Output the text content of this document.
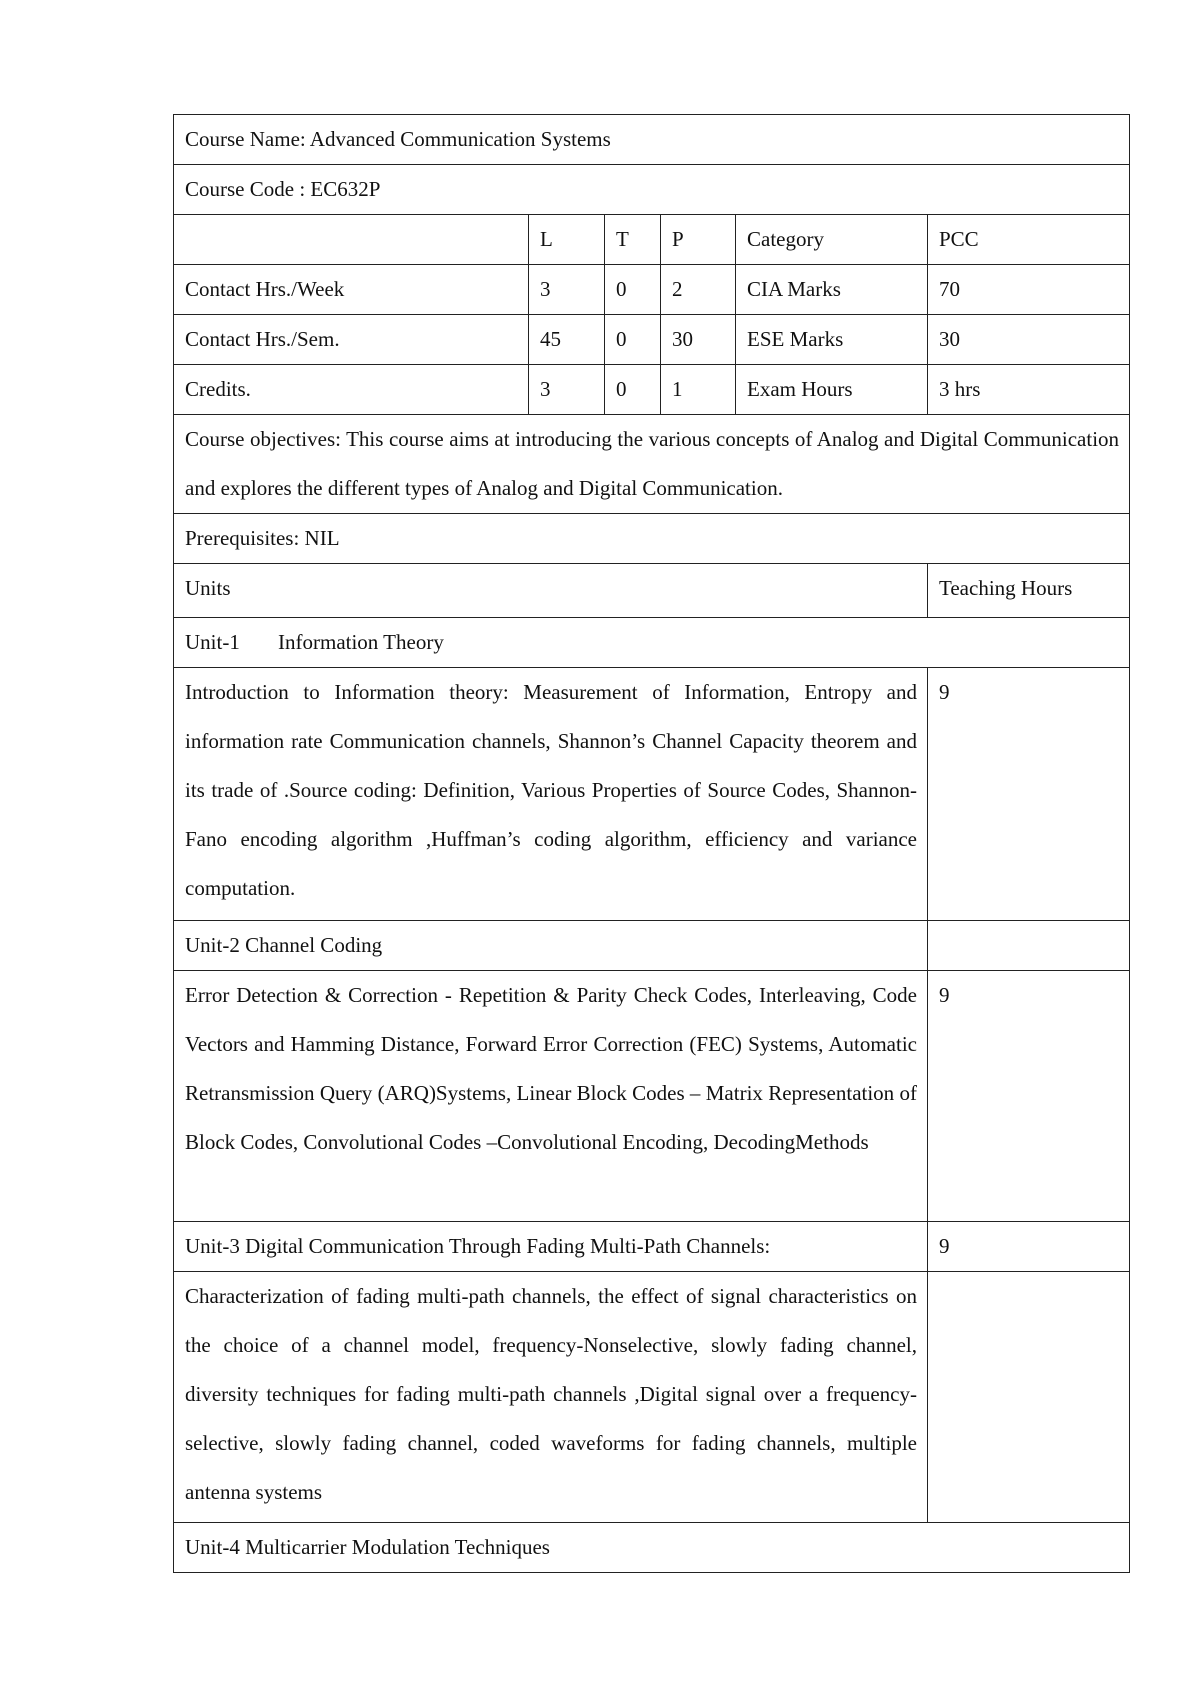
Course Name: Advanced Communication Systems					
Course Code : EC632P					
	L	T	P	Category	PCC
Contact Hrs./Week	3	0	2	CIA Marks	70
Contact Hrs./Sem.	45	0	30	ESE Marks	30
Credits.	3	0	1	Exam Hours	3 hrs
Course objectives: This course aims at introducing the various concepts of Analog and Digital Communication and explores the different types of Analog and Digital Communication.					
Prerequisites: NIL					
Units					Teaching Hours
Unit-1 Information Theory					
Introduction to Information theory: Measurement of Information, Entropy and information rate Communication channels, Shannon’s Channel Capacity theorem and its trade of .Source coding: Definition, Various Properties of Source Codes, Shannon-Fano encoding algorithm ,Huffman’s coding algorithm, efficiency and variance computation.					9
Unit-2 Channel Coding					
Error Detection & Correction - Repetition & Parity Check Codes, Interleaving, Code Vectors and Hamming Distance, Forward Error Correction (FEC) Systems, Automatic Retransmission Query (ARQ)Systems, Linear Block Codes – Matrix Representation of Block Codes, Convolutional Codes –Convolutional Encoding, DecodingMethods					9
Unit-3 Digital Communication Through Fading Multi-Path Channels:					9
Characterization of fading multi-path channels, the effect of signal characteristics on the choice of a channel model, frequency-Nonselective, slowly fading channel, diversity techniques for fading multi-path channels ,Digital signal over a frequency-selective, slowly fading channel, coded waveforms for fading channels, multiple antenna systems					
Unit-4 Multicarrier Modulation Techniques					
